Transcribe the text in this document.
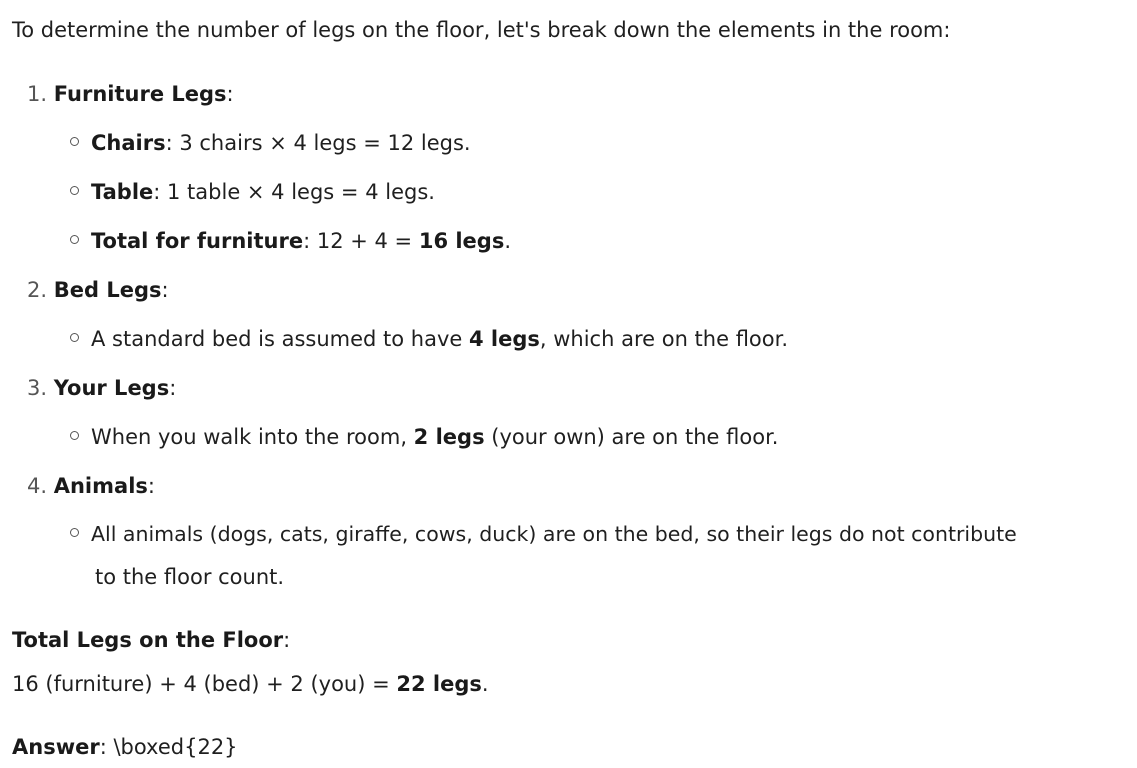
To determine the number of legs on the floor, let's break down the elements in the room:
1. Furniture Legs:
Chairs: 3 chairs × 4 legs = 12 legs.
Table: 1 table × 4 legs = 4 legs.
Total for furniture: 12 + 4 = 16 legs.
2. Bed Legs:
A standard bed is assumed to have 4 legs, which are on the floor.
3. Your Legs:
When you walk into the room, 2 legs (your own) are on the floor.
4. Animals:
All animals (dogs, cats, giraffe, cows, duck) are on the bed, so their legs do not contribute
to the floor count.
Total Legs on the Floor:
16 (furniture) + 4 (bed) + 2 (you) = 22 legs.
Answer: \boxed{22}
